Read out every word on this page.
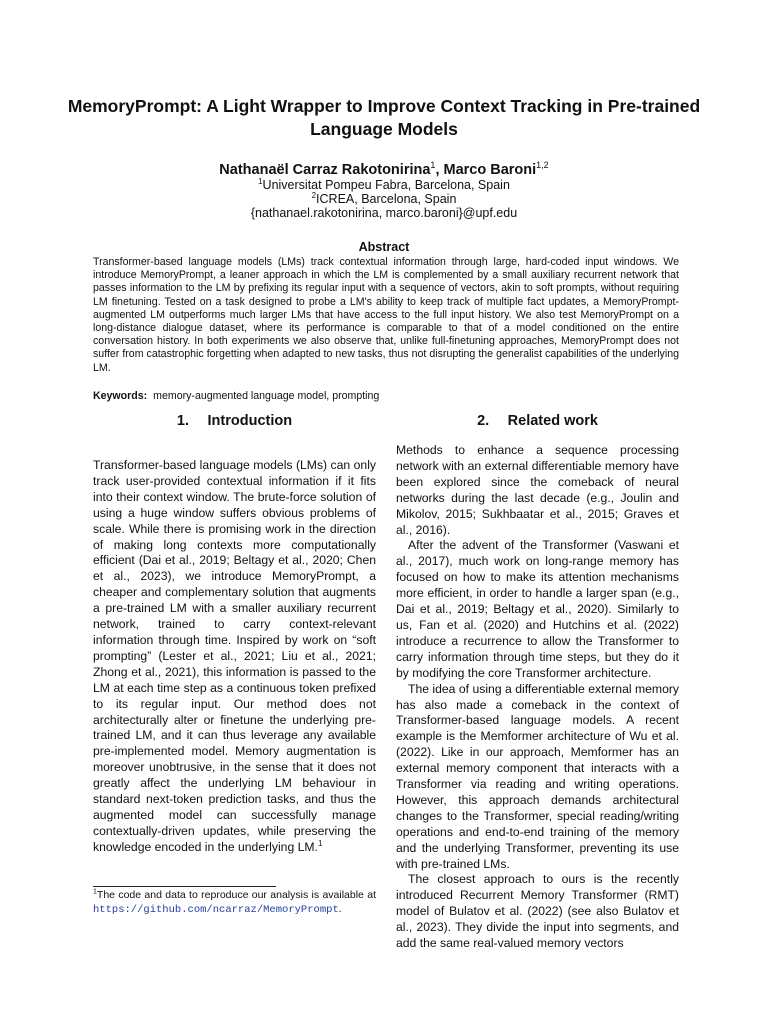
MemoryPrompt: A Light Wrapper to Improve Context Tracking in Pre-trained Language Models
Nathanaël Carraz Rakotonirina$^1$, Marco Baroni$^{1,2}$
$^1$Universitat Pompeu Fabra, Barcelona, Spain
$^2$ICREA, Barcelona, Spain
{nathanael.rakotonirina, marco.baroni}@upf.edu
Abstract
Transformer-based language models (LMs) track contextual information through large, hard-coded input windows. We introduce MemoryPrompt, a leaner approach in which the LM is complemented by a small auxiliary recurrent network that passes information to the LM by prefixing its regular input with a sequence of vectors, akin to soft prompts, without requiring LM finetuning. Tested on a task designed to probe a LM's ability to keep track of multiple fact updates, a MemoryPrompt-augmented LM outperforms much larger LMs that have access to the full input history. We also test MemoryPrompt on a long-distance dialogue dataset, where its performance is comparable to that of a model conditioned on the entire conversation history. In both experiments we also observe that, unlike full-finetuning approaches, MemoryPrompt does not suffer from catastrophic forgetting when adapted to new tasks, thus not disrupting the generalist capabilities of the underlying LM.
Keywords: memory-augmented language model, prompting
1.  Introduction	2.  Related work

Transformer-based language models (LMs) can only track user-provided contextual information if it fits into their context window. The brute-force solution of using a huge window suffers obvious problems of scale. While there is promising work in the direction of making long contexts more computationally efficient (Dai et al., 2019; Beltagy et al., 2020; Chen et al., 2023), we introduce MemoryPrompt, a cheaper and complementary solution that augments a pre-trained LM with a smaller auxiliary recurrent network, trained to carry context-relevant information through time. Inspired by work on “soft prompting” (Lester et al., 2021; Liu et al., 2021; Zhong et al., 2021), this information is passed to the LM at each time step as a continuous token prefixed to its regular input. Our method does not architecturally alter or finetune the underlying pre-trained LM, and it can thus leverage any available pre-implemented model. Memory augmentation is moreover unobtrusive, in the sense that it does not greatly affect the underlying LM behaviour in standard next-token prediction tasks, and thus the augmented model can successfully manage contextually-driven updates, while preserving the knowledge encoded in the underlying LM.$^1$

$^1$The code and data to reproduce our analysis is available at https://github.com/ncarraz/MemoryPrompt.

Methods to enhance a sequence processing network with an external differentiable memory have been explored since the comeback of neural networks during the last decade (e.g., Joulin and Mikolov, 2015; Sukhbaatar et al., 2015; Graves et al., 2016).

After the advent of the Transformer (Vaswani et al., 2017), much work on long-range memory has focused on how to make its attention mechanisms more efficient, in order to handle a larger span (e.g., Dai et al., 2019; Beltagy et al., 2020). Similarly to us, Fan et al. (2020) and Hutchins et al. (2022) introduce a recurrence to allow the Transformer to carry information through time steps, but they do it by modifying the core Transformer architecture.

The idea of using a differentiable external memory has also made a comeback in the context of Transformer-based language models. A recent example is the Memformer architecture of Wu et al. (2022). Like in our approach, Memformer has an external memory component that interacts with a Transformer via reading and writing operations. However, this approach demands architectural changes to the Transformer, special reading/writing operations and end-to-end training of the memory and the underlying Transformer, preventing its use with pre-trained LMs.

The closest approach to ours is the recently introduced Recurrent Memory Transformer (RMT) model of Bulatov et al. (2022) (see also Bulatov et al., 2023). They divide the input into segments, and add the same real-valued memory vectors
